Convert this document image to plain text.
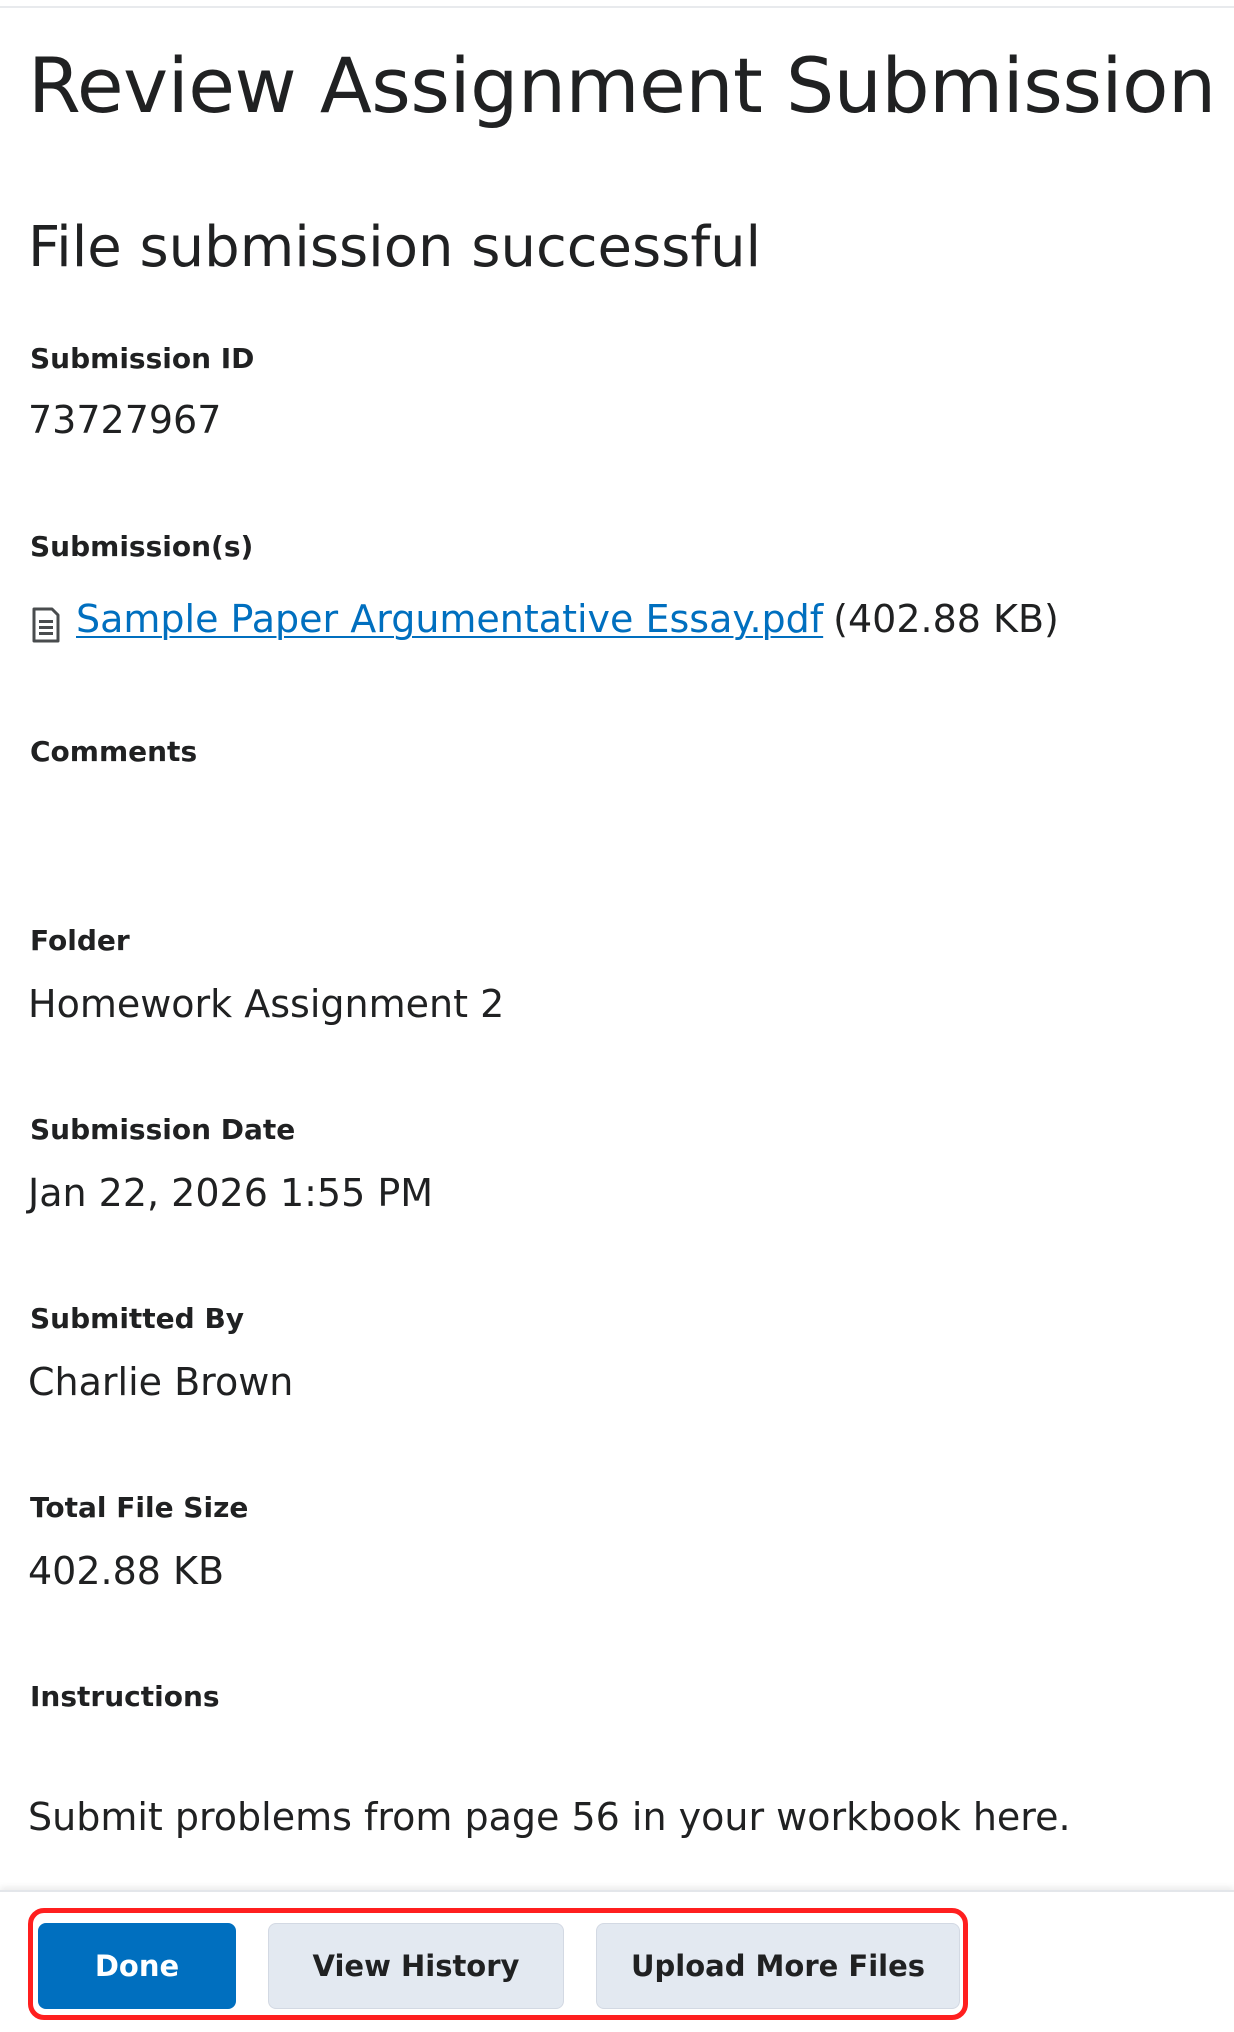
Review Assignment Submission
File submission successful
Submission ID
73727967
Submission(s)
Sample Paper Argumentative Essay.pdf (402.88 KB)
Comments
Folder
Homework Assignment 2
Submission Date
Jan 22, 2026 1:55 PM
Submitted By
Charlie Brown
Total File Size
402.88 KB
Instructions
Submit problems from page 56 in your workbook here.
Done	View History	Upload More Files
